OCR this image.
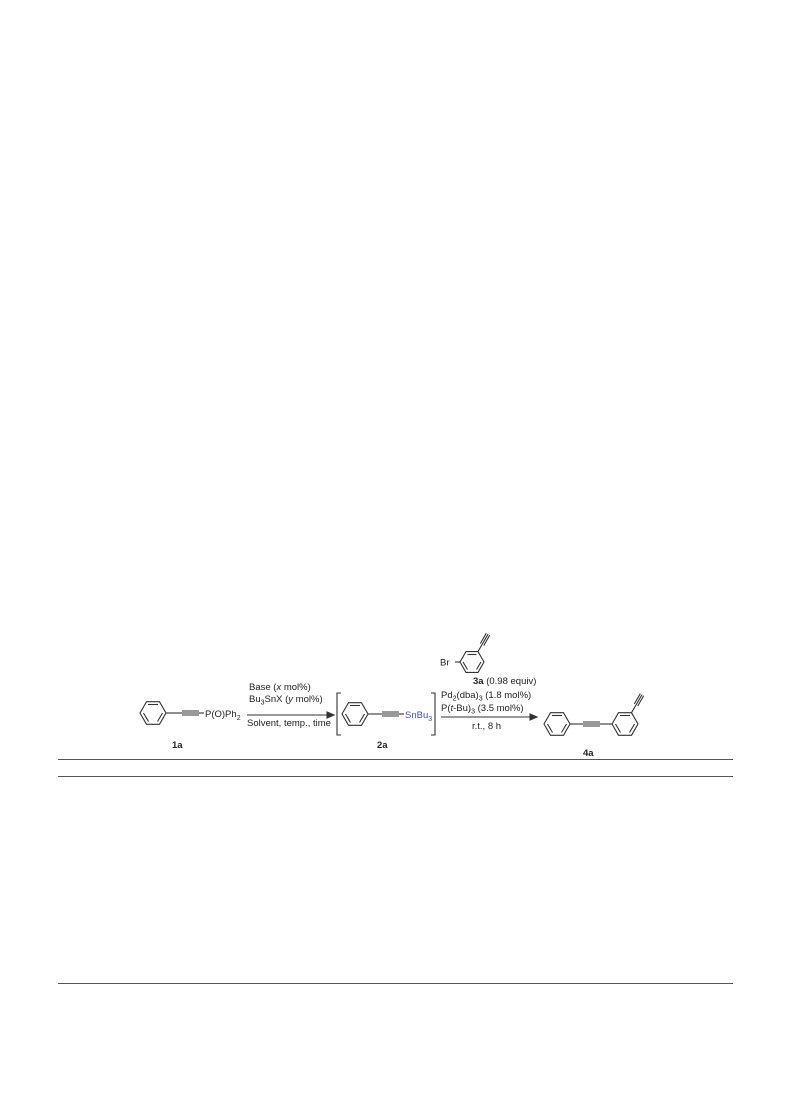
$P(O)Ph_2$
1a
Base (x mol%)
$Bu_3SnX$ (y mol%)
Solvent, temp., time
SnBu$_3$
2a
Br
3a (0.98 equiv)
$Pd_2(dba)_3$ (1.8 mol%)
$P(t-Bu)_3$ (3.5 mol%)
r.t., 8 h
4a
